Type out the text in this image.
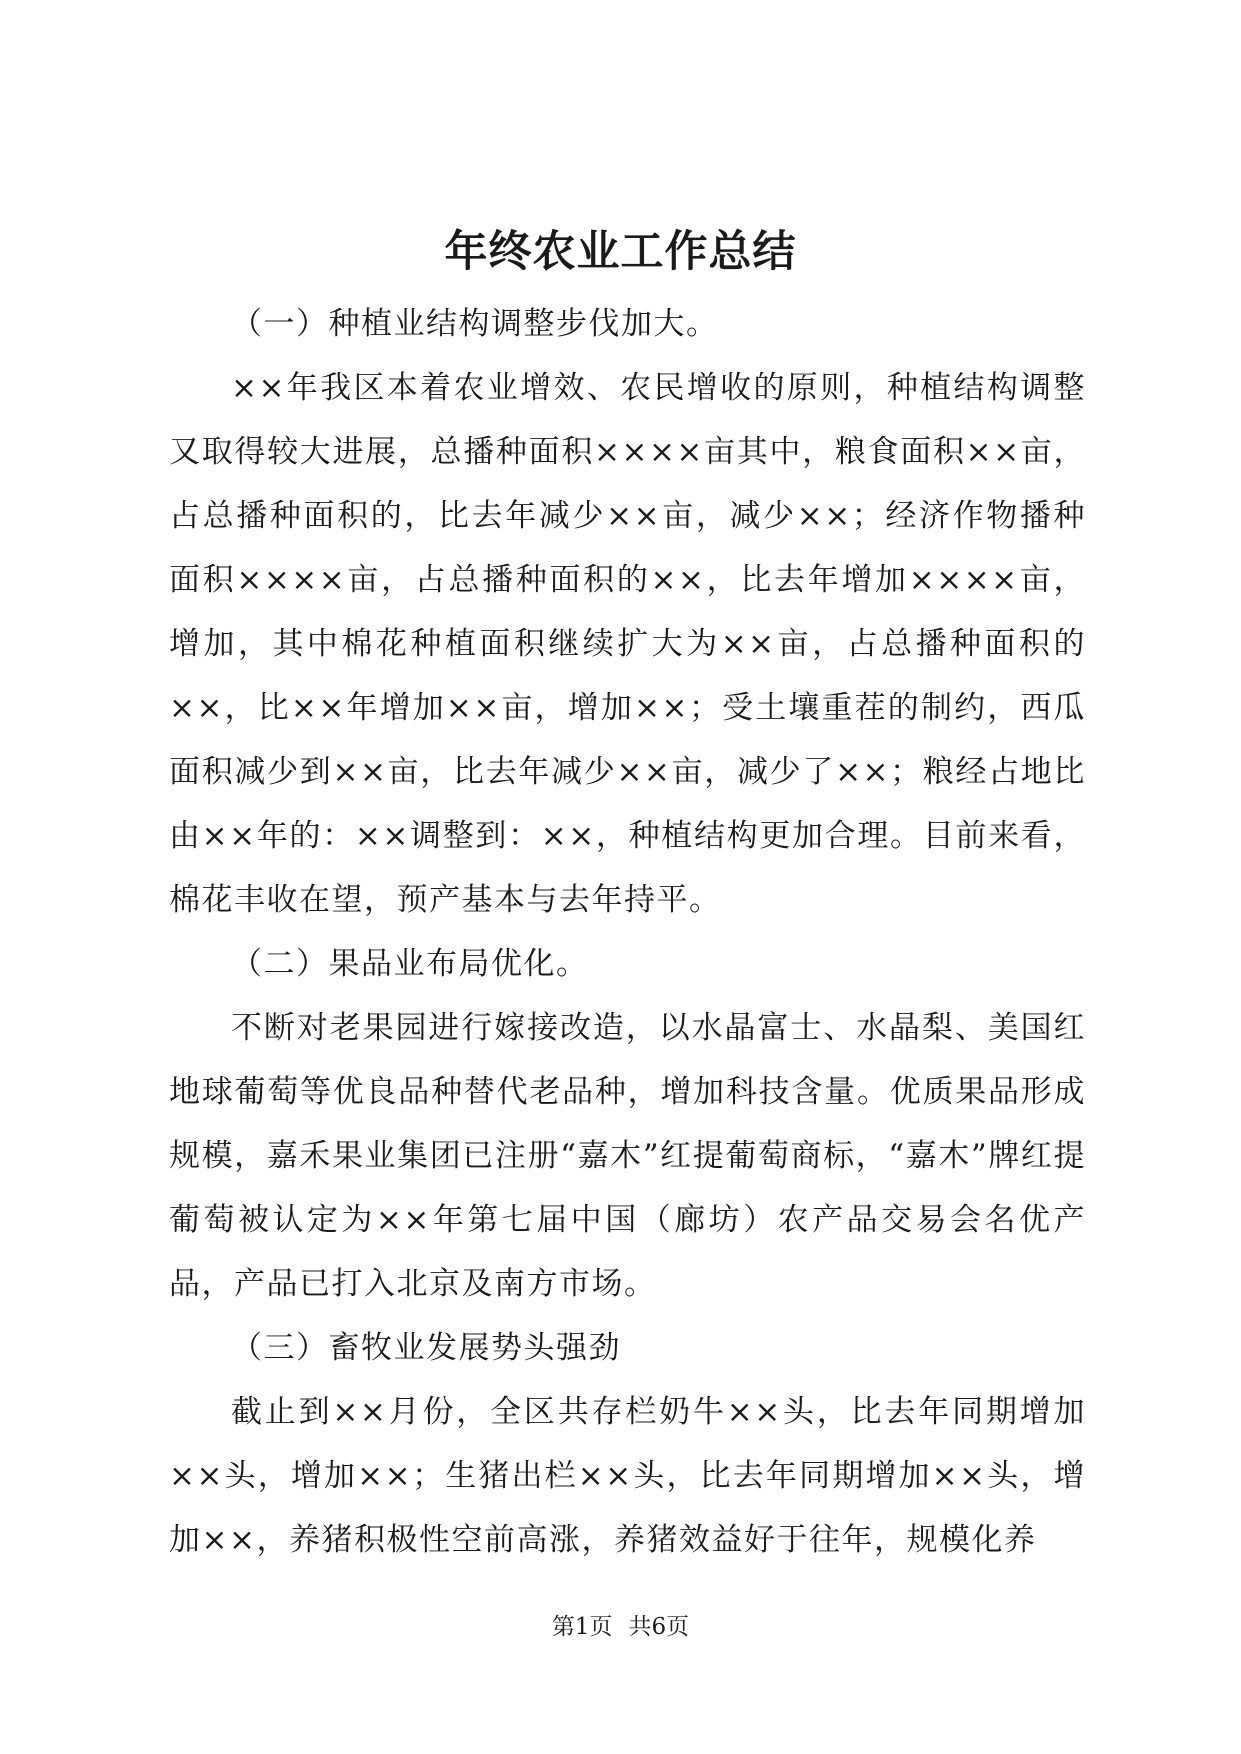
年终农业工作总结

（一）种植业结构调整步伐加大。

××年我区本着农业增效、农民增收的原则，种植结构调整又取得较大进展，总播种面积××××亩其中，粮食面积××亩，占总播种面积的，比去年减少××亩，减少××；经济作物播种面积××××亩，占总播种面积的××，比去年增加××××亩，增加，其中棉花种植面积继续扩大为××亩，占总播种面积的××，比××年增加××亩，增加××；受土壤重茬的制约，西瓜面积减少到××亩，比去年减少××亩，减少了××；粮经占地比由××年的：××调整到：××，种植结构更加合理。目前来看，棉花丰收在望，预产基本与去年持平。

（二）果品业布局优化。

不断对老果园进行嫁接改造，以水晶富士、水晶梨、美国红地球葡萄等优良品种替代老品种，增加科技含量。优质果品形成规模，嘉禾果业集团已注册“嘉木”红提葡萄商标，“嘉木”牌红提葡萄被认定为××年第七届中国（廊坊）农产品交易会名优产品，产品已打入北京及南方市场。

（三）畜牧业发展势头强劲

截止到××月份，全区共存栏奶牛××头，比去年同期增加××头，增加××；生猪出栏××头，比去年同期增加××头，增加××，养猪积极性空前高涨，养猪效益好于往年，规模化养

第1页 共6页
